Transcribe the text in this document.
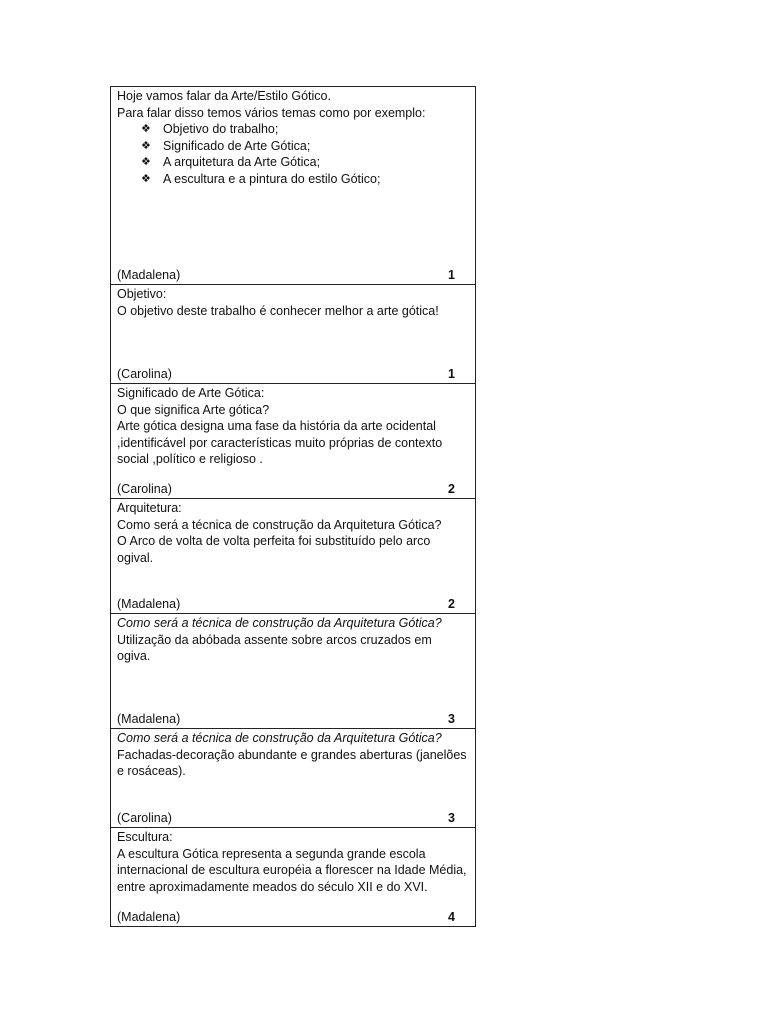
Hoje vamos falar da Arte/Estilo Gótico.
Para falar disso temos vários temas como por exemplo:
❖ Objetivo do trabalho;
❖ Significado de Arte Gótica;
❖ A arquitetura da Arte Gótica;
❖ A escultura e a pintura do estilo Gótico;
(Madalena)	1
Objetivo:
O objetivo deste trabalho é conhecer melhor a arte gótica!
(Carolina)	1
Significado de Arte Gótica:
O que significa Arte gótica?
Arte gótica designa uma fase da história da arte ocidental ,identificável por características muito próprias de contexto social ,político e religioso .
(Carolina)	2
Arquitetura:
Como será a técnica de construção da Arquitetura Gótica?
O Arco de volta de volta perfeita foi substituído pelo arco ogival.
(Madalena)	2
Como será a técnica de construção da Arquitetura Gótica?
Utilização da abóbada assente sobre arcos cruzados em ogiva.
(Madalena)	3
Como será a técnica de construção da Arquitetura Gótica?
Fachadas-decoração abundante e grandes aberturas (janelões e rosáceas).
(Carolina)	3
Escultura:
A escultura Gótica representa a segunda grande escola internacional de escultura européia a florescer na Idade Média, entre aproximadamente meados do século XII e do XVI.
(Madalena)	4
